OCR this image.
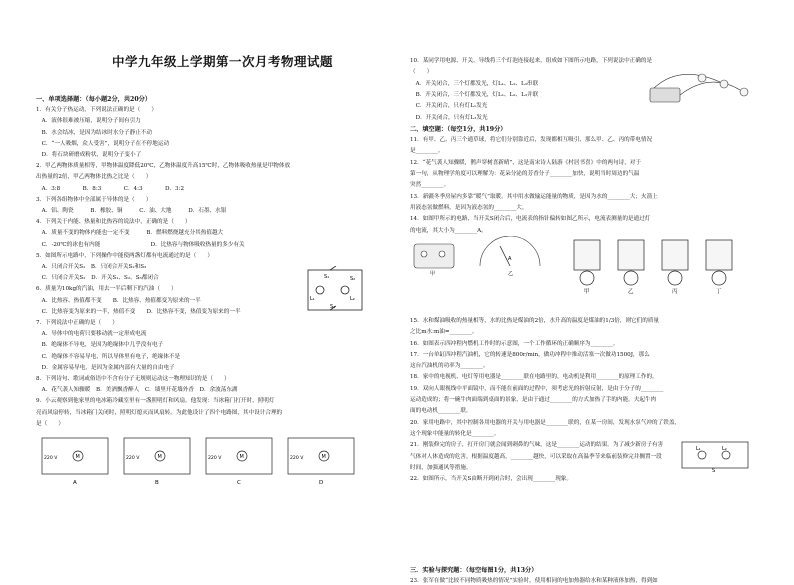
中学九年级上学期第一次月考物理试题
一、单项选择题：（每小题2分，共20分）
1．有关分子热运动，下列说法正确的是（　　）
　A．液体很难被压缩，说明分子间有引力
　B．水会结冰，是因为结冰时水分子静止不动
　C．“一人吸烟，众人受害”，说明分子在不停地运动
　D．将石块研磨成粉状，说明分子变小了
2．甲乙两物体质量相等，甲物体温度降低20℃，乙物体温度升高15℃时，乙物体吸收热量是甲物体放
出热量的2倍，甲乙两物体比热之比是（　　）
　A．3:8　　　　B．8:3　　　　C．4:3　　　　D．3:2
3．下列各组物体中全部属于导体的是（　　）
　A．铝、陶瓷　　　B．橡胶、铜　　　C．油、大地　　　D．石墨、水银
4．下列关于内能、热量和比热容的说法中，正确的是（　　）
　A．质量不变的物体内能也一定不变　　　B．燃料燃烧越充分其热值越大
　C．-20℃的冰也有内能　　　　　　　　　D．比热容与物体吸收热量的多少有关
5．如图所示电路中，下列操作中能使两盏灯都有电流通过的是（　　）
　A．只闭合开关S₁　B．只闭合开关S₂和S₃
　C．只闭合开关S₂　D．开关S₁、S₂、S₃都闭合
6．质量为10kg的汽油，用去一半后剩下的汽油（　　）
　A．比热容、热值都不变　　B．比热容、热值都变为原来的一半
　C．比热容变为原来的一半，热值不变　　D．比热容不变，热值变为原来的一半
7．下列说法中正确的是（　　）
　A．导体中的电荷只要移动就一定形成电流
　B．绝缘体不导电，是因为绝缘体中几乎没有电子
　C．绝缘体不容易导电，所以导体里有电子，绝缘体不是
　D．金属容易导电，是因为金属内部有大量的自由电子
8．下列诗句、歌词或俗语中不含有分子无规则运动这一物理知识的是（　　）
　A．花气袭人知骤暖　B．美酒飘香醉人　C．墙里开花墙外香　D．余波荡东湖
9．小云观察到他家里的电冰箱冷藏室里有一盏照明灯和风扇。他发现：当冰箱门打开时，照明灯
亮而风扇停转，当冰箱门关闭时，照明灯熄灭而风扇转。为此他设计了四个电路图，其中设计合理的
是（　　）
10．某同学用电源、开关、导线将三个灯泡连接起来，组成如下图所示电路，下列说法中正确的是
（　　）
　A．开关闭合，三个灯都发光，灯L₁、L₂、L₃串联
　B．开关闭合，三个灯都发光，灯L₁、L₂、L₃并联
　C．开关闭合，只有灯L₁发光
　D．开关闭合，只有灯L₃发光
二、填空题：（每空1分，共19分）
11．有甲、乙、丙三个通草球，将它们分别靠近后，发现都相互吸引，那么甲、乙、丙的带电情况
是________。
12．“花气袭人知骤暖，鹊声穿树喜新晴”，这是南宋诗人陆游《村居书喜》中的两句诗，对于
第一句，从物理学角度可以理解为：花朵分泌的芳香分子________加快，说明当时周边的气温
突然________。
13．新疆冬季房屋内多靠“暖气”取暖，其中用水做输运能量的物质，是因为水的________大；火箭上
用液态氢做燃料，是因为液态氢的________大。
14．如图甲所示的电路，当开关S闭合后，电流表的指针偏转如图乙所示，电流表测量的是通过灯
的电流，其大小为________A。
15．水和煤油吸收的热量相等，水的比热是煤油的2倍，水升高的温度是煤油的1/3倍，则它们的质量
之比m水:m油=________。
16．如图表示四冲程内燃机工作时的示意图，一个工作循环的正确顺序为________。
17．一台单缸四冲程汽油机，它的转速是800r/min，做功冲程中推动活塞一次做功1500J，那么
这台汽油机的功率为________。
18．家中的电视机、电灯等用电器是________联在电路里的，电动机是利用________的原理工作的。
19．双向人眼视线中平面镜中，而不能在前面的过程中，须考虑光的折射反射，是由于分子的________
运动造成的；将一碗牛肉面端到桌面的景象，是由于通过________的方式加热了手的内能。夫起牛肉
面的电动机________联。
20．家用电路中，其中控制各用电器的开关与用电器是________联的，在某一房间，发现水泵气冲的了铁盖，
这个现象中能量的转化是________。
21．刚装修完的房子，打开房门就会闻到刺鼻的气味，这是________运动的结果。为了减少新房子有害
气体对人体造成的危害，根据温度越高，________越快，可以采取在高温季节来临前装修完并搁置一段
时间，加强通风等措施。
22．如图所示，当开关S由断开到闭合时，会出现________现象。
三．实验与探究题：（每空每图1分，共13分）
23．张军在做“比较不同物质吸热的情况”实验时，使用相同的电加热器给水和某种液体加热，得到如
S₁	S₂
S₃
L₁	L₂
M
220 V
A
M
220 V
B
M
220 V
C
M
220 V
D
甲
A
乙
甲	乙	丙	丁
L₁	L₂
S
